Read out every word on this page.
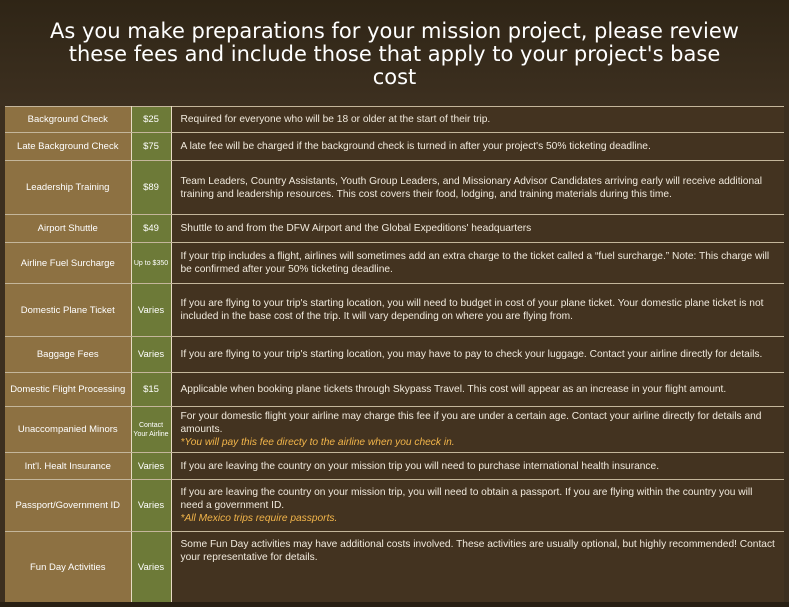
As you make preparations for your mission project, please review these fees and include those that apply to your project's base cost
Background Check	$25	Required for everyone who will be 18 or older at the start of their trip.
Late Background Check	$75	A late fee will be charged if the background check is turned in after your project's 50% ticketing deadline.
Leadership Training	$89	Team Leaders, Country Assistants, Youth Group Leaders, and Missionary Advisor Candidates arriving early will receive additional training and leadership resources. This cost covers their food, lodging, and training materials during this time.
Airport Shuttle	$49	Shuttle to and from the DFW Airport and the Global Expeditions' headquarters
Airline Fuel Surcharge	Up to $350	If your trip includes a flight, airlines will sometimes add an extra charge to the ticket called a “fuel surcharge.” Note: This charge will be confirmed after your 50% ticketing deadline.
Domestic Plane Ticket	Varies	If you are flying to your trip's starting location, you will need to budget in cost of your plane ticket. Your domestic plane ticket is not included in the base cost of the trip. It will vary depending on where you are flying from.
Baggage Fees	Varies	If you are flying to your trip's starting location, you may have to pay to check your luggage. Contact your airline directly for details.
Domestic Flight Processing	$15	Applicable when booking plane tickets through Skypass Travel. This cost will appear as an increase in your flight amount.
Unaccompanied Minors	Contact Your Airline	For your domestic flight your airline may charge this fee if you are under a certain age. Contact your airline directly for details and amounts.
*You will pay this fee directy to the airline when you check in.

Int'l. Healt Insurance	Varies	If you are leaving the country on your mission trip you will need to purchase international health insurance.
Passport/Government ID	Varies	If you are leaving the country on your mission trip, you will need to obtain a passport. If you are flying within the country you will need a government ID.
*All Mexico trips require passports.

Fun Day Activities	Varies	Some Fun Day activities may have additional costs involved. These activities are usually optional, but highly recommended! Contact your representative for details.
